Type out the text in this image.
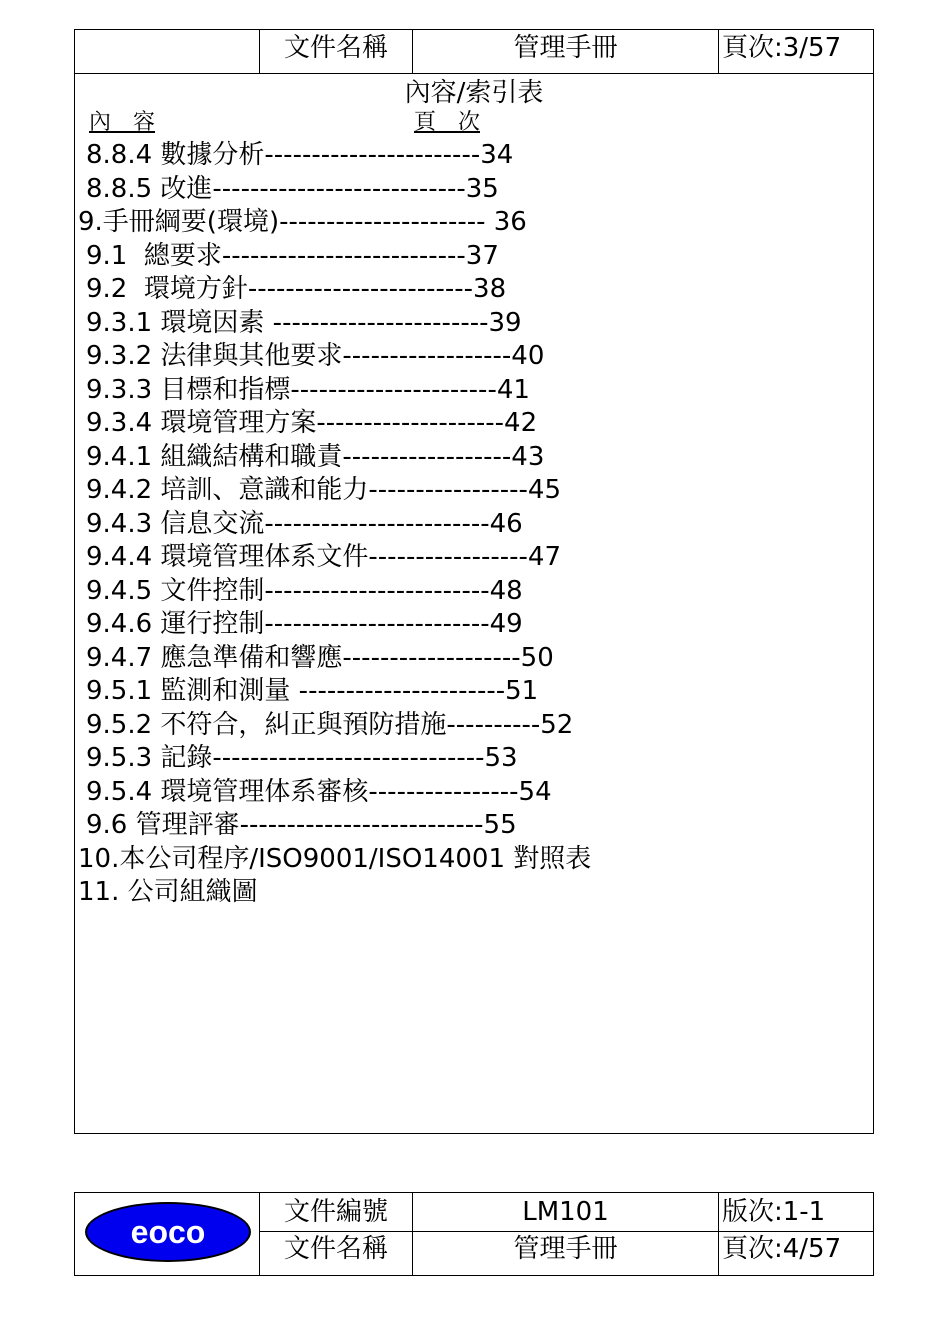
文件名稱	管理手冊	頁次:3/57
內容/索引表
內　容	頁　次
8.8.4 數據分析-----------------------34
8.8.5 改進---------------------------35
9.手冊綱要(環境)---------------------- 36
9.1  總要求--------------------------37
9.2  環境方針------------------------38
9.3.1 環境因素 -----------------------39
9.3.2 法律與其他要求------------------40
9.3.3 目標和指標----------------------41
9.3.4 環境管理方案--------------------42
9.4.1 組織結構和職責------------------43
9.4.2 培訓、意識和能力-----------------45
9.4.3 信息交流------------------------46
9.4.4 環境管理体系文件-----------------47
9.4.5 文件控制------------------------48
9.4.6 運行控制------------------------49
9.4.7 應急準備和響應-------------------50
9.5.1 監測和測量 ----------------------51
9.5.2 不符合，糾正與預防措施----------52
9.5.3 記錄-----------------------------53
9.5.4 環境管理体系審核----------------54
9.6 管理評審--------------------------55
10.本公司程序/ISO9001/ISO14001 對照表
11. 公司組織圖
eoco
文件編號	LM101	版次:1-1
文件名稱	管理手冊	頁次:4/57
